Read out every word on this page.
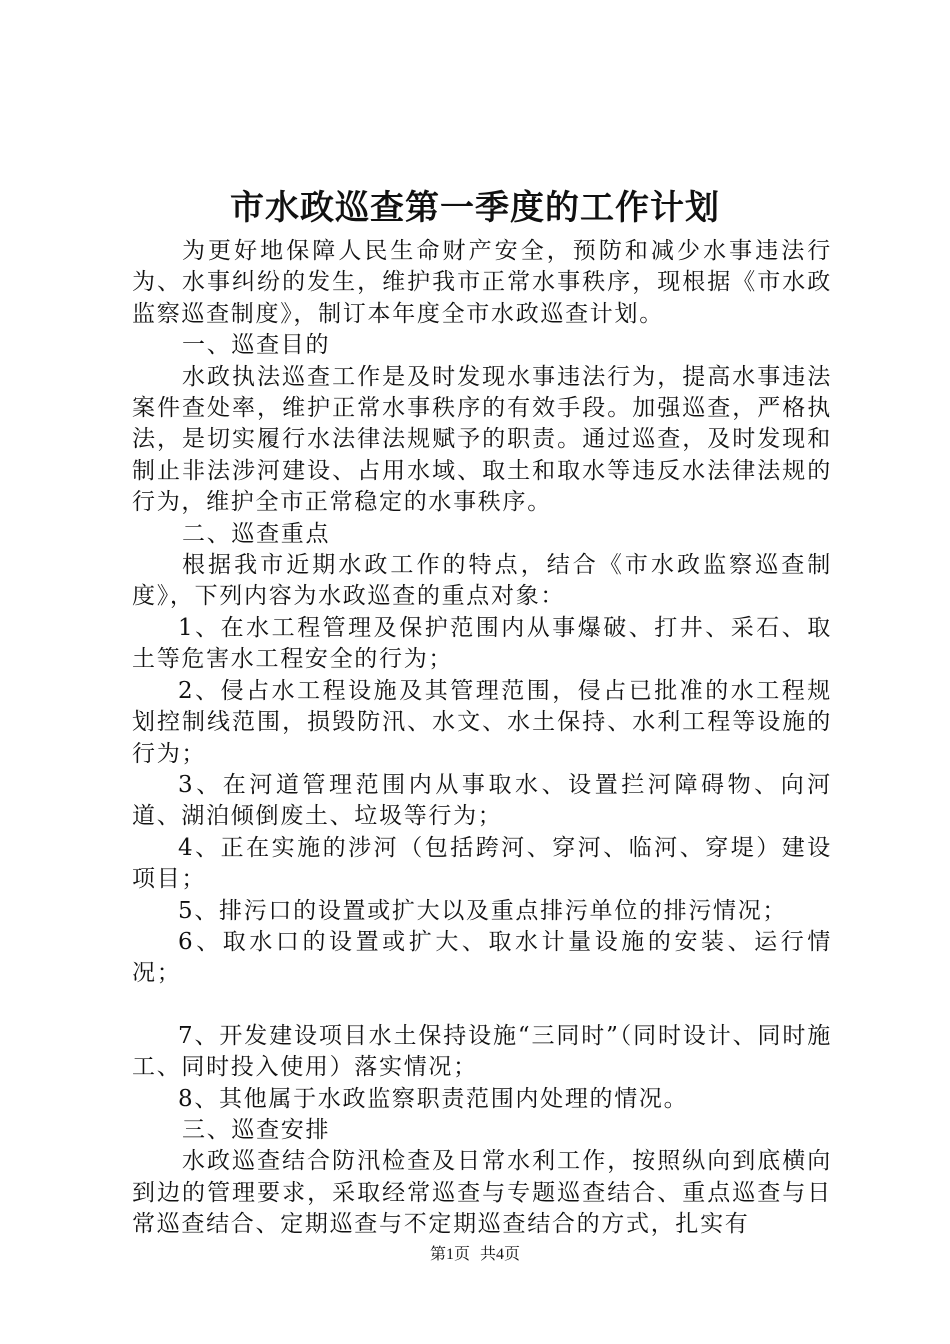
市水政巡查第一季度的工作计划

为更好地保障人民生命财产安全，预防和减少水事违法行为、水事纠纷的发生，维护我市正常水事秩序，现根据《市水政监察巡查制度》，制订本年度全市水政巡查计划。

一、巡查目的

水政执法巡查工作是及时发现水事违法行为，提高水事违法案件查处率，维护正常水事秩序的有效手段。加强巡查，严格执法，是切实履行水法律法规赋予的职责。通过巡查，及时发现和制止非法涉河建设、占用水域、取土和取水等违反水法律法规的行为，维护全市正常稳定的水事秩序。

二、巡查重点

根据我市近期水政工作的特点，结合《市水政监察巡查制度》，下列内容为水政巡查的重点对象：

1、在水工程管理及保护范围内从事爆破、打井、采石、取土等危害水工程安全的行为；

2、侵占水工程设施及其管理范围，侵占已批准的水工程规划控制线范围，损毁防汛、水文、水土保持、水利工程等设施的行为；

3、在河道管理范围内从事取水、设置拦河障碍物、向河道、湖泊倾倒废土、垃圾等行为；

4、正在实施的涉河（包括跨河、穿河、临河、穿堤）建设项目；

5、排污口的设置或扩大以及重点排污单位的排污情况；

6、取水口的设置或扩大、取水计量设施的安装、运行情况；

7、开发建设项目水土保持设施“三同时”（同时设计、同时施工、同时投入使用）落实情况；

8、其他属于水政监察职责范围内处理的情况。

三、巡查安排

水政巡查结合防汛检查及日常水利工作，按照纵向到底横向到边的管理要求，采取经常巡查与专题巡查结合、重点巡查与日常巡查结合、定期巡查与不定期巡查结合的方式，扎实有

第1页 共4页
